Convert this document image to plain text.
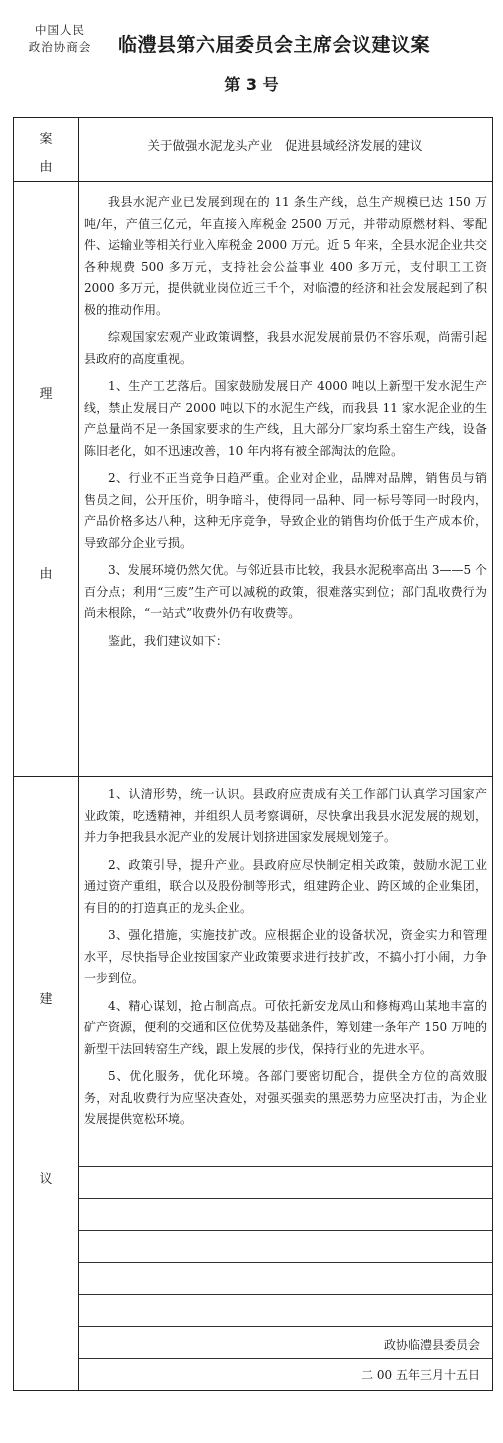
中国人民
政治协商会	临澧县第六届委员会主席会议建议案
第 3 号
案
由
关于做强水泥龙头产业　促进县域经济发展的建议
理
由

我县水泥产业已发展到现在的 11 条生产线，总生产规模已达 150 万吨/年，产值三亿元，年直接入库税金 2500 万元，并带动原燃材料、零配件、运输业等相关行业入库税金 2000 万元。近 5 年来，全县水泥企业共交各种规费 500 多万元，支持社会公益事业 400 多万元，支付职工工资 2000 多万元，提供就业岗位近三千个，对临澧的经济和社会发展起到了积极的推动作用。

综观国家宏观产业政策调整，我县水泥发展前景仍不容乐观，尚需引起县政府的高度重视。

1、生产工艺落后。国家鼓励发展日产 4000 吨以上新型干发水泥生产线，禁止发展日产 2000 吨以下的水泥生产线，而我县 11 家水泥企业的生产总量尚不足一条国家要求的生产线，且大部分厂家均系土窑生产线，设备陈旧老化，如不迅速改善，10 年内将有被全部淘汰的危险。

2、行业不正当竞争日趋严重。企业对企业，品牌对品牌，销售员与销售员之间，公开压价，明争暗斗，使得同一品种、同一标号等同一时段内，产品价格多达八种，这种无序竞争，导致企业的销售均价低于生产成本价，导致部分企业亏损。

3、发展环境仍然欠优。与邻近县市比较，我县水泥税率高出 3——5 个百分点；利用“三废”生产可以减税的政策，很难落实到位；部门乱收费行为尚未根除，“一站式”收费外仍有收费等。

鉴此，我们建议如下：

建
议

1、认清形势，统一认识。县政府应责成有关工作部门认真学习国家产业政策，吃透精神，并组织人员考察调研，尽快拿出我县水泥发展的规划，并力争把我县水泥产业的发展计划挤进国家发展规划笼子。

2、政策引导，提升产业。县政府应尽快制定相关政策，鼓励水泥工业通过资产重组，联合以及股份制等形式，组建跨企业、跨区域的企业集团，有目的的打造真正的龙头企业。

3、强化措施，实施技扩改。应根据企业的设备状况，资金实力和管理水平，尽快指导企业按国家产业政策要求进行技扩改，不搞小打小闹，力争一步到位。

4、精心谋划，抢占制高点。可依托新安龙凤山和修梅鸡山某地丰富的矿产资源，便利的交通和区位优势及基础条件，筹划建一条年产 150 万吨的新型干法回转窑生产线，跟上发展的步伐，保持行业的先进水平。

5、优化服务，优化环境。各部门要密切配合，提供全方位的高效服务，对乱收费行为应坚决查处，对强买强卖的黑恶势力应坚决打击，为企业发展提供宽松环境。

政协临澧县委员会
二 00 五年三月十五日
